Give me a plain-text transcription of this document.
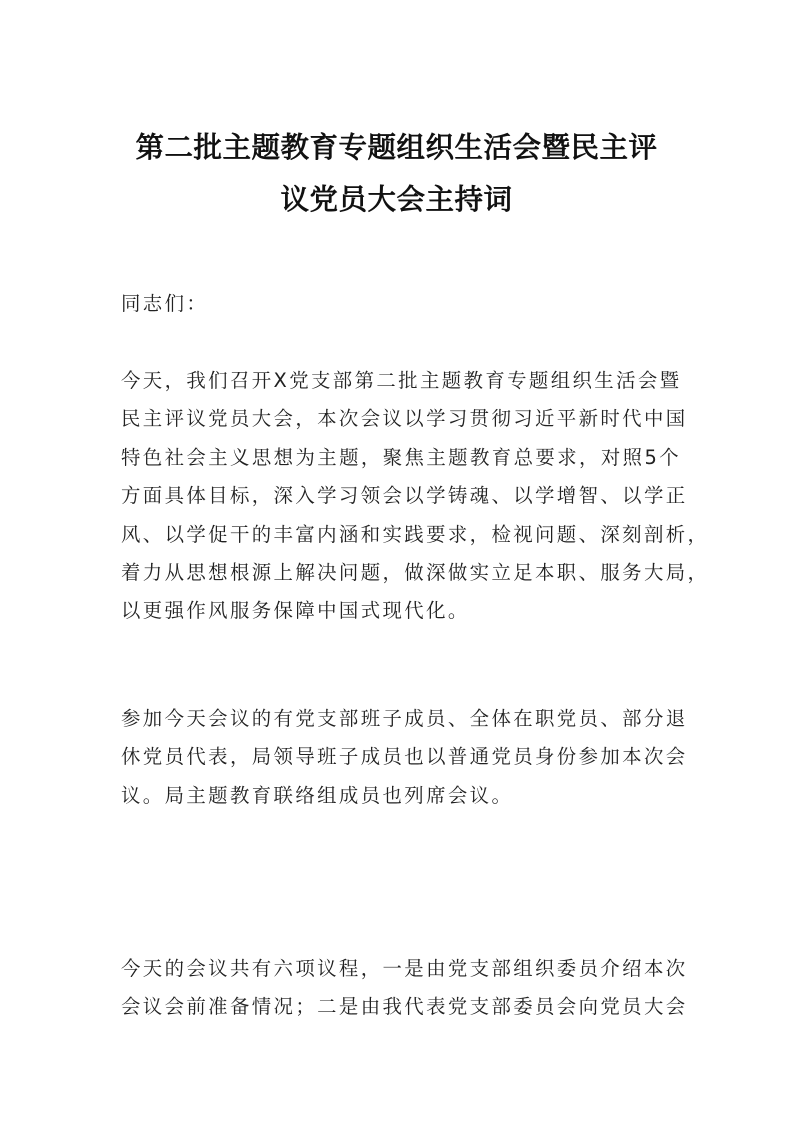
第二批主题教育专题组织生活会暨民主评
议党员大会主持词

同志们：

今天，我们召开X党支部第二批主题教育专题组织生活会暨
民主评议党员大会，本次会议以学习贯彻习近平新时代中国
特色社会主义思想为主题，聚焦主题教育总要求，对照5个
方面具体目标，深入学习领会以学铸魂、以学增智、以学正
风、以学促干的丰富内涵和实践要求，检视问题、深刻剖析，
着力从思想根源上解决问题，做深做实立足本职、服务大局，
以更强作风服务保障中国式现代化。

参加今天会议的有党支部班子成员、全体在职党员、部分退
休党员代表，局领导班子成员也以普通党员身份参加本次会
议。局主题教育联络组成员也列席会议。

今天的会议共有六项议程，一是由党支部组织委员介绍本次
会议会前准备情况；二是由我代表党支部委员会向党员大会
